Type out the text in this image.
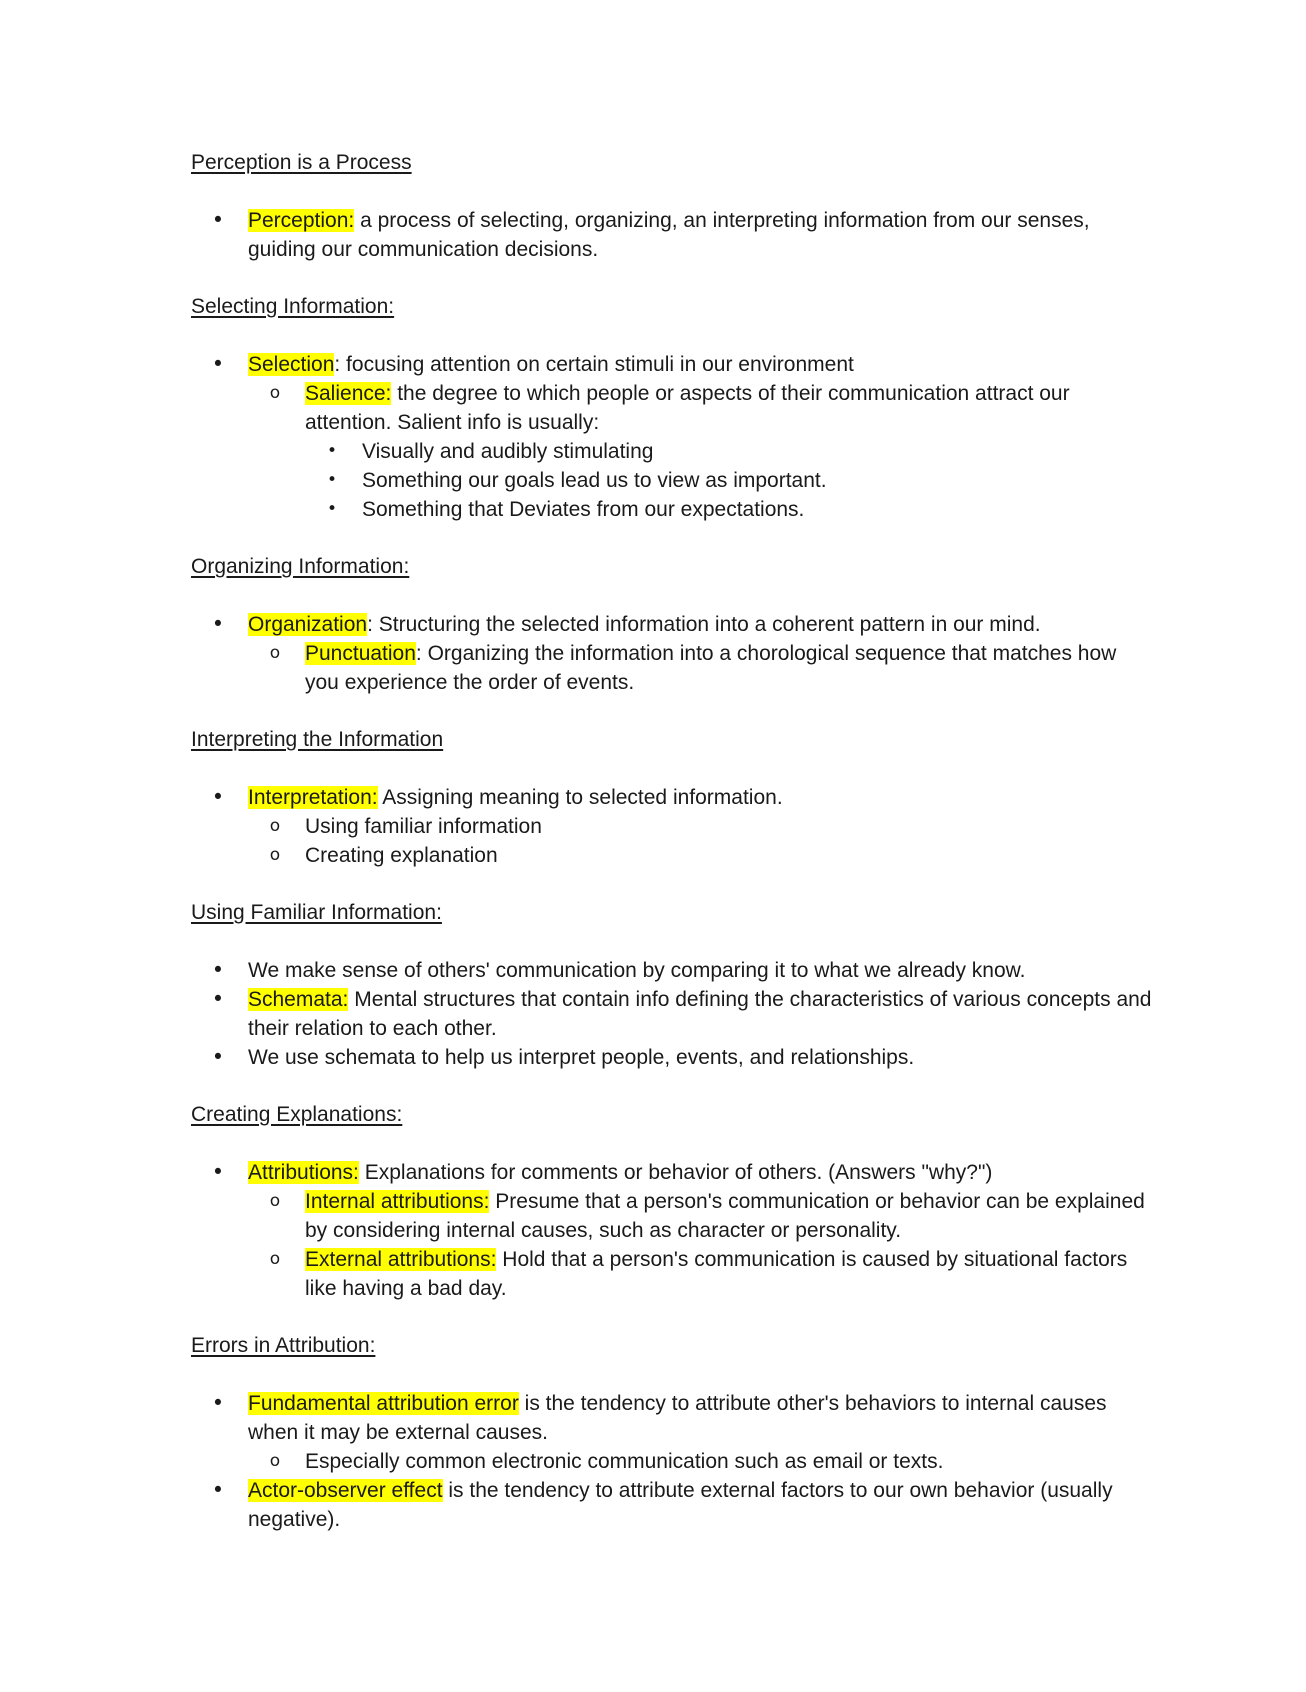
Perception is a Process
• Perception: a process of selecting, organizing, an interpreting information from our senses, guiding our communication decisions.
Selecting Information:
• Selection: focusing attention on certain stimuli in our environment
o Salience: the degree to which people or aspects of their communication attract our attention. Salient info is usually:
• Visually and audibly stimulating
• Something our goals lead us to view as important.
• Something that Deviates from our expectations.
Organizing Information:
• Organization: Structuring the selected information into a coherent pattern in our mind.
o Punctuation: Organizing the information into a chorological sequence that matches how you experience the order of events.
Interpreting the Information
• Interpretation: Assigning meaning to selected information.
o Using familiar information
o Creating explanation
Using Familiar Information:
• We make sense of others' communication by comparing it to what we already know.
• Schemata: Mental structures that contain info defining the characteristics of various concepts and their relation to each other.
• We use schemata to help us interpret people, events, and relationships.
Creating Explanations:
• Attributions: Explanations for comments or behavior of others. (Answers "why?")
o Internal attributions: Presume that a person's communication or behavior can be explained by considering internal causes, such as character or personality.
o External attributions: Hold that a person's communication is caused by situational factors like having a bad day.
Errors in Attribution:
• Fundamental attribution error is the tendency to attribute other's behaviors to internal causes when it may be external causes.
o Especially common electronic communication such as email or texts.
• Actor-observer effect is the tendency to attribute external factors to our own behavior (usually negative).
